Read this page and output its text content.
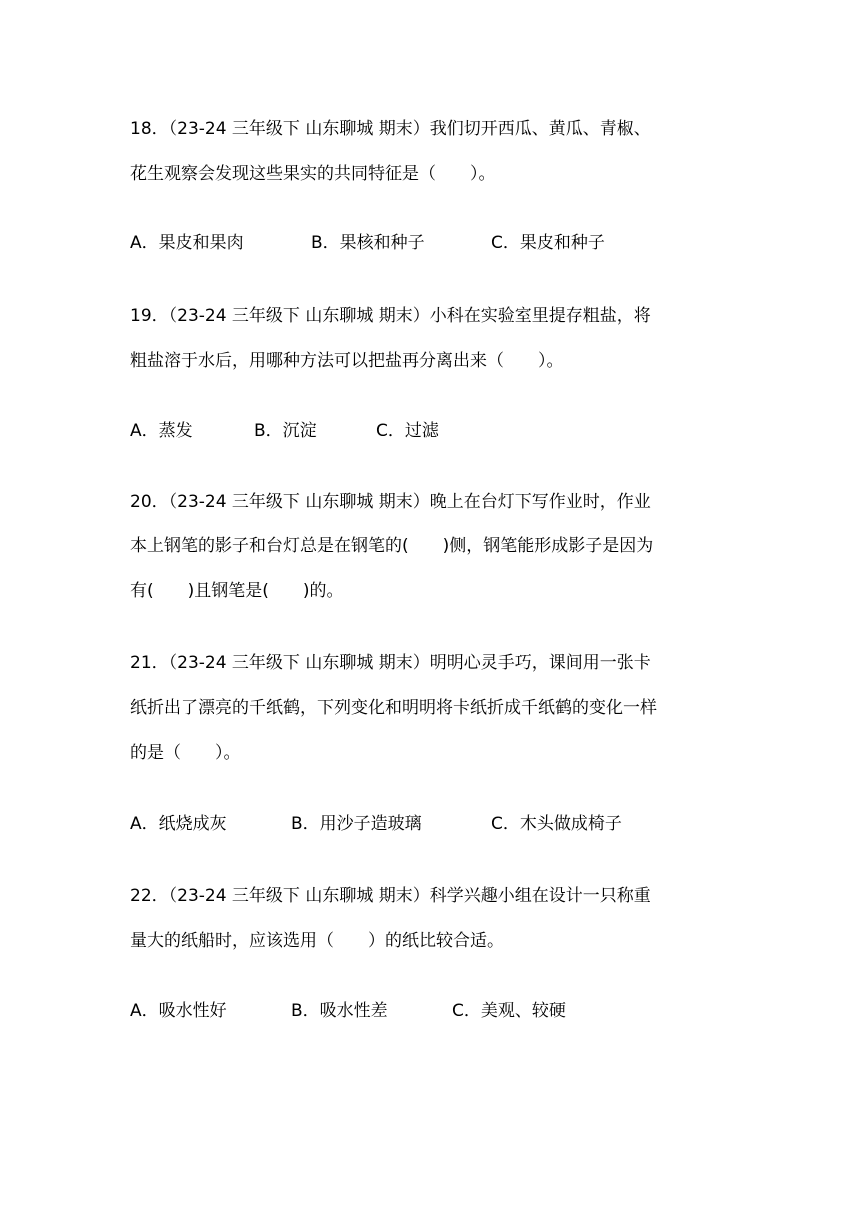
18．（23-24 三年级下 山东聊城 期末）我们切开西瓜、黄瓜、青椒、
花生观察会发现这些果实的共同特征是（　　）。
A．果皮和果肉	B．果核和种子	C．果皮和种子
19．（23-24 三年级下 山东聊城 期末）小科在实验室里提存粗盐，将
粗盐溶于水后，用哪种方法可以把盐再分离出来（　　）。
A．蒸发	B．沉淀	C．过滤
20．（23-24 三年级下 山东聊城 期末）晚上在台灯下写作业时，作业
本上钢笔的影子和台灯总是在钢笔的(　　)侧，钢笔能形成影子是因为
有(　　)且钢笔是(　　)的。
21．（23-24 三年级下 山东聊城 期末）明明心灵手巧，课间用一张卡
纸折出了漂亮的千纸鹤，下列变化和明明将卡纸折成千纸鹤的变化一样
的是（　　）。
A．纸烧成灰	B．用沙子造玻璃	C．木头做成椅子
22．（23-24 三年级下 山东聊城 期末）科学兴趣小组在设计一只称重
量大的纸船时，应该选用（　　）的纸比较合适。
A．吸水性好	B．吸水性差	C．美观、较硬
